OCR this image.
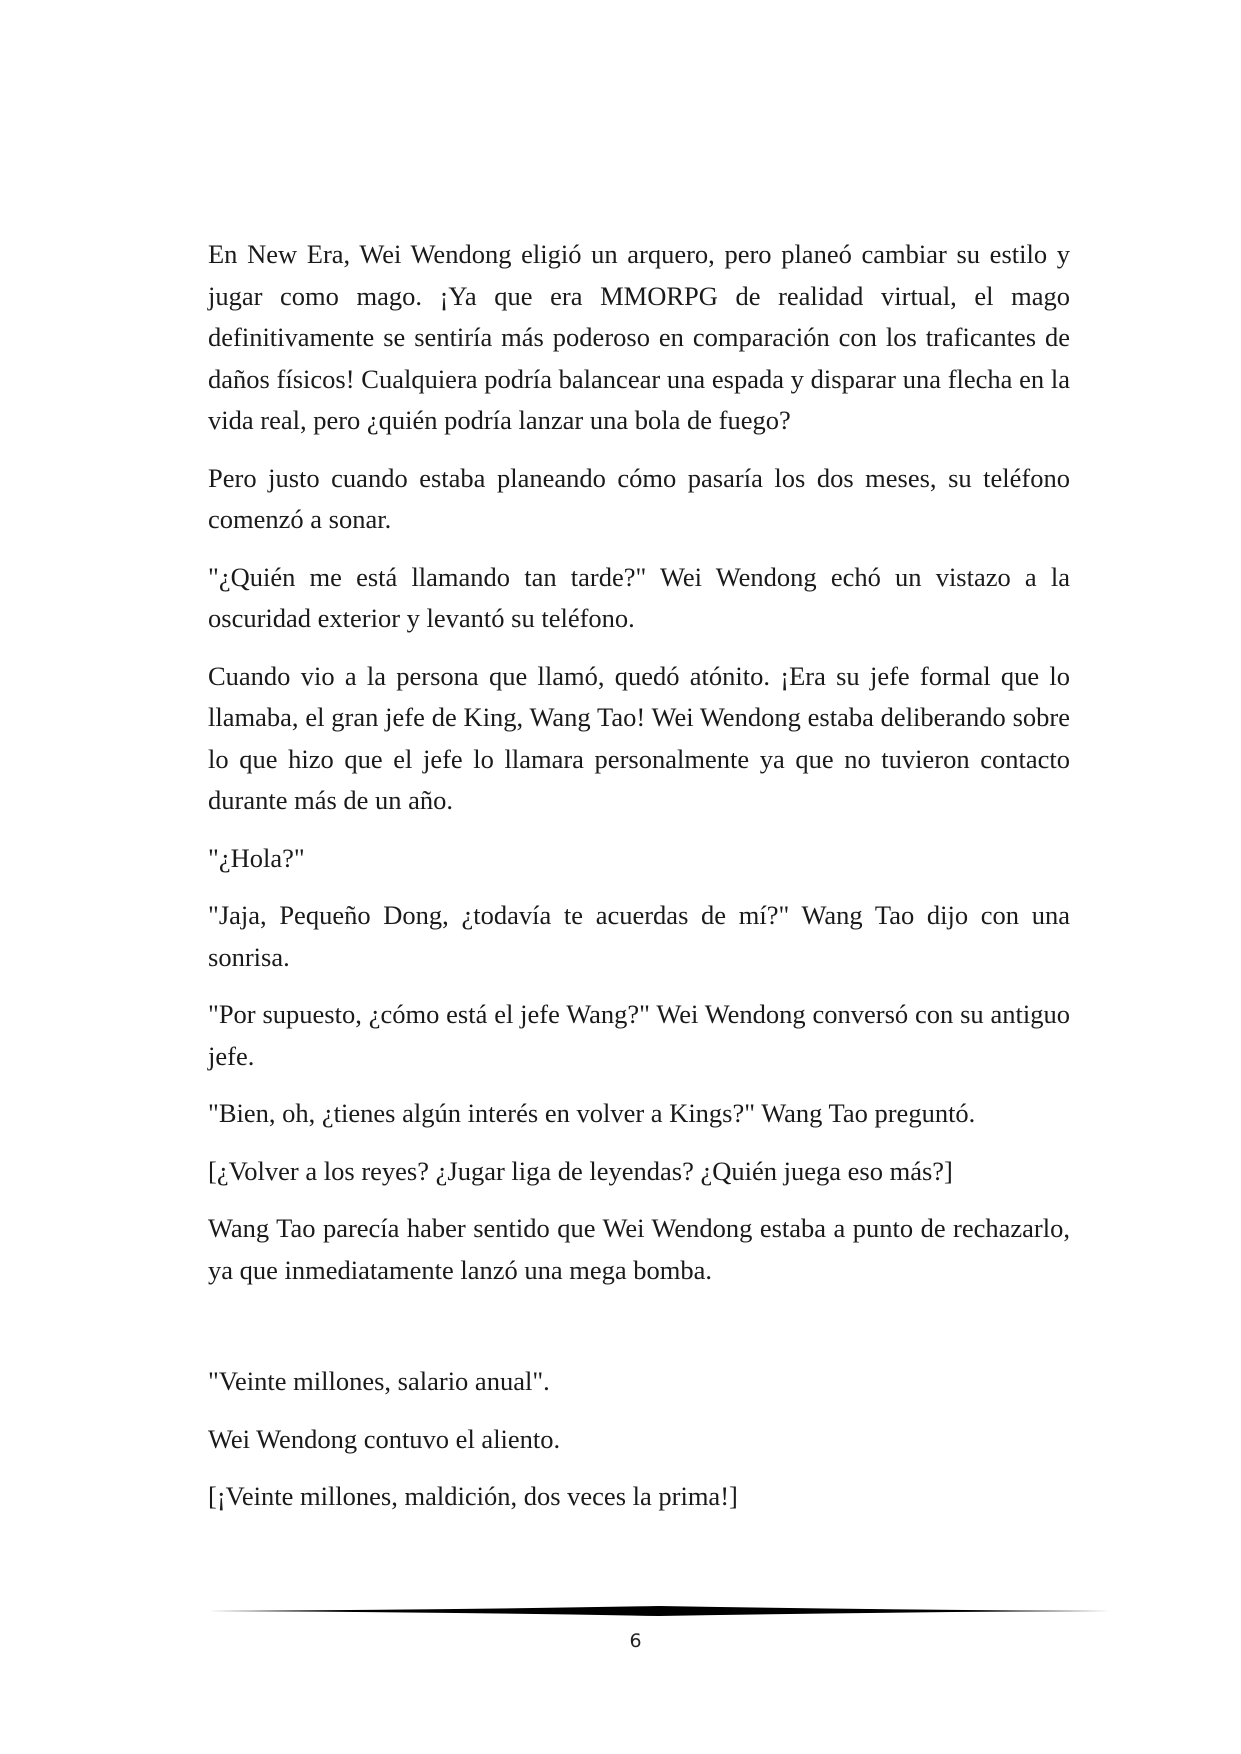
En New Era, Wei Wendong eligió un arquero, pero planeó cambiar su estilo y jugar como mago. ¡Ya que era MMORPG de realidad virtual, el mago definitivamente se sentiría más poderoso en comparación con los traficantes de daños físicos! Cualquiera podría balancear una espada y disparar una flecha en la vida real, pero ¿quién podría lanzar una bola de fuego?

Pero justo cuando estaba planeando cómo pasaría los dos meses, su teléfono comenzó a sonar.

"¿Quién me está llamando tan tarde?" Wei Wendong echó un vistazo a la oscuridad exterior y levantó su teléfono.

Cuando vio a la persona que llamó, quedó atónito. ¡Era su jefe formal que lo llamaba, el gran jefe de King, Wang Tao! Wei Wendong estaba deliberando sobre lo que hizo que el jefe lo llamara personalmente ya que no tuvieron contacto durante más de un año.

"¿Hola?"

"Jaja, Pequeño Dong, ¿todavía te acuerdas de mí?" Wang Tao dijo con una sonrisa.

"Por supuesto, ¿cómo está el jefe Wang?" Wei Wendong conversó con su antiguo jefe.

"Bien, oh, ¿tienes algún interés en volver a Kings?" Wang Tao preguntó.

[¿Volver a los reyes? ¿Jugar liga de leyendas? ¿Quién juega eso más?]

Wang Tao parecía haber sentido que Wei Wendong estaba a punto de rechazarlo, ya que inmediatamente lanzó una mega bomba.

"Veinte millones, salario anual".

Wei Wendong contuvo el aliento.

[¡Veinte millones, maldición, dos veces la prima!]

6
